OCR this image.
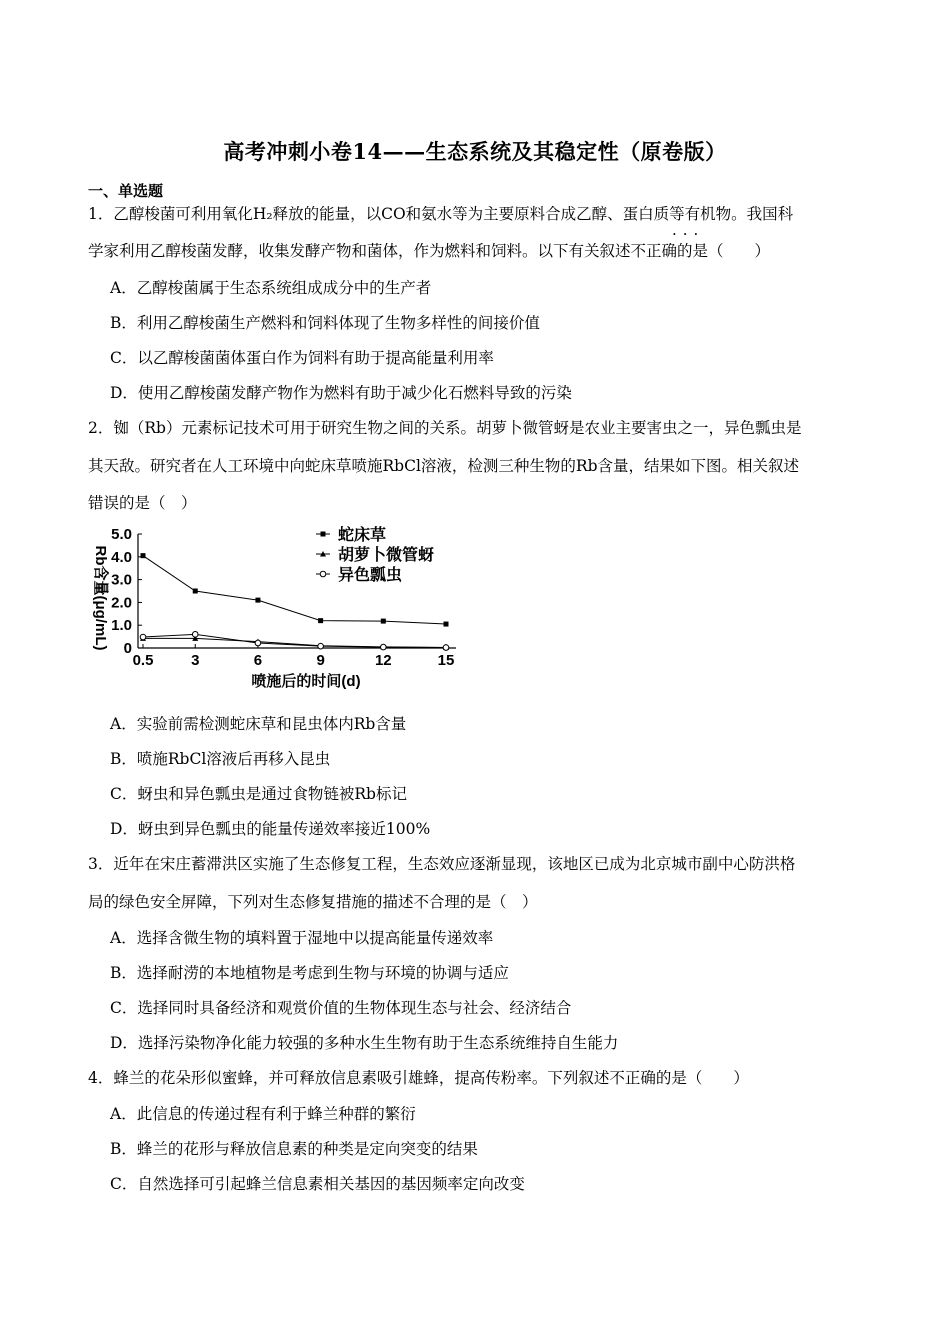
高考冲刺小卷14——生态系统及其稳定性（原卷版）
一、单选题
1．乙醇梭菌可利用氧化H₂释放的能量，以CO和氨水等为主要原料合成乙醇、蛋白质等有机物。我国科
···
学家利用乙醇梭菌发酵，收集发酵产物和菌体，作为燃料和饲料。以下有关叙述不正确的是（　　）
A．乙醇梭菌属于生态系统组成成分中的生产者
B．利用乙醇梭菌生产燃料和饲料体现了生物多样性的间接价值
C．以乙醇梭菌菌体蛋白作为饲料有助于提高能量利用率
D．使用乙醇梭菌发酵产物作为燃料有助于减少化石燃料导致的污染
2．铷（Rb）元素标记技术可用于研究生物之间的关系。胡萝卜微管蚜是农业主要害虫之一，异色瓢虫是
其天敌。研究者在人工环境中向蛇床草喷施RbCl溶液，检测三种生物的Rb含量，结果如下图。相关叙述
错误的是（　）
0
1.0
2.0
3.0
4.0
5.0
0.5	3	6	9	12	15
蛇床草
胡萝卜微管蚜
异色瓢虫
喷施后的时间(d)
Rb含量(μg/mL)
A．实验前需检测蛇床草和昆虫体内Rb含量
B．喷施RbCl溶液后再移入昆虫
C．蚜虫和异色瓢虫是通过食物链被Rb标记
D．蚜虫到异色瓢虫的能量传递效率接近100%
3．近年在宋庄蓄滞洪区实施了生态修复工程，生态效应逐渐显现，该地区已成为北京城市副中心防洪格
局的绿色安全屏障，下列对生态修复措施的描述不合理的是（　）
A．选择含微生物的填料置于湿地中以提高能量传递效率
B．选择耐涝的本地植物是考虑到生物与环境的协调与适应
C．选择同时具备经济和观赏价值的生物体现生态与社会、经济结合
D．选择污染物净化能力较强的多种水生生物有助于生态系统维持自生能力
4．蜂兰的花朵形似蜜蜂，并可释放信息素吸引雄蜂，提高传粉率。下列叙述不正确的是（　　）
A．此信息的传递过程有利于蜂兰种群的繁衍
B．蜂兰的花形与释放信息素的种类是定向突变的结果
C．自然选择可引起蜂兰信息素相关基因的基因频率定向改变
